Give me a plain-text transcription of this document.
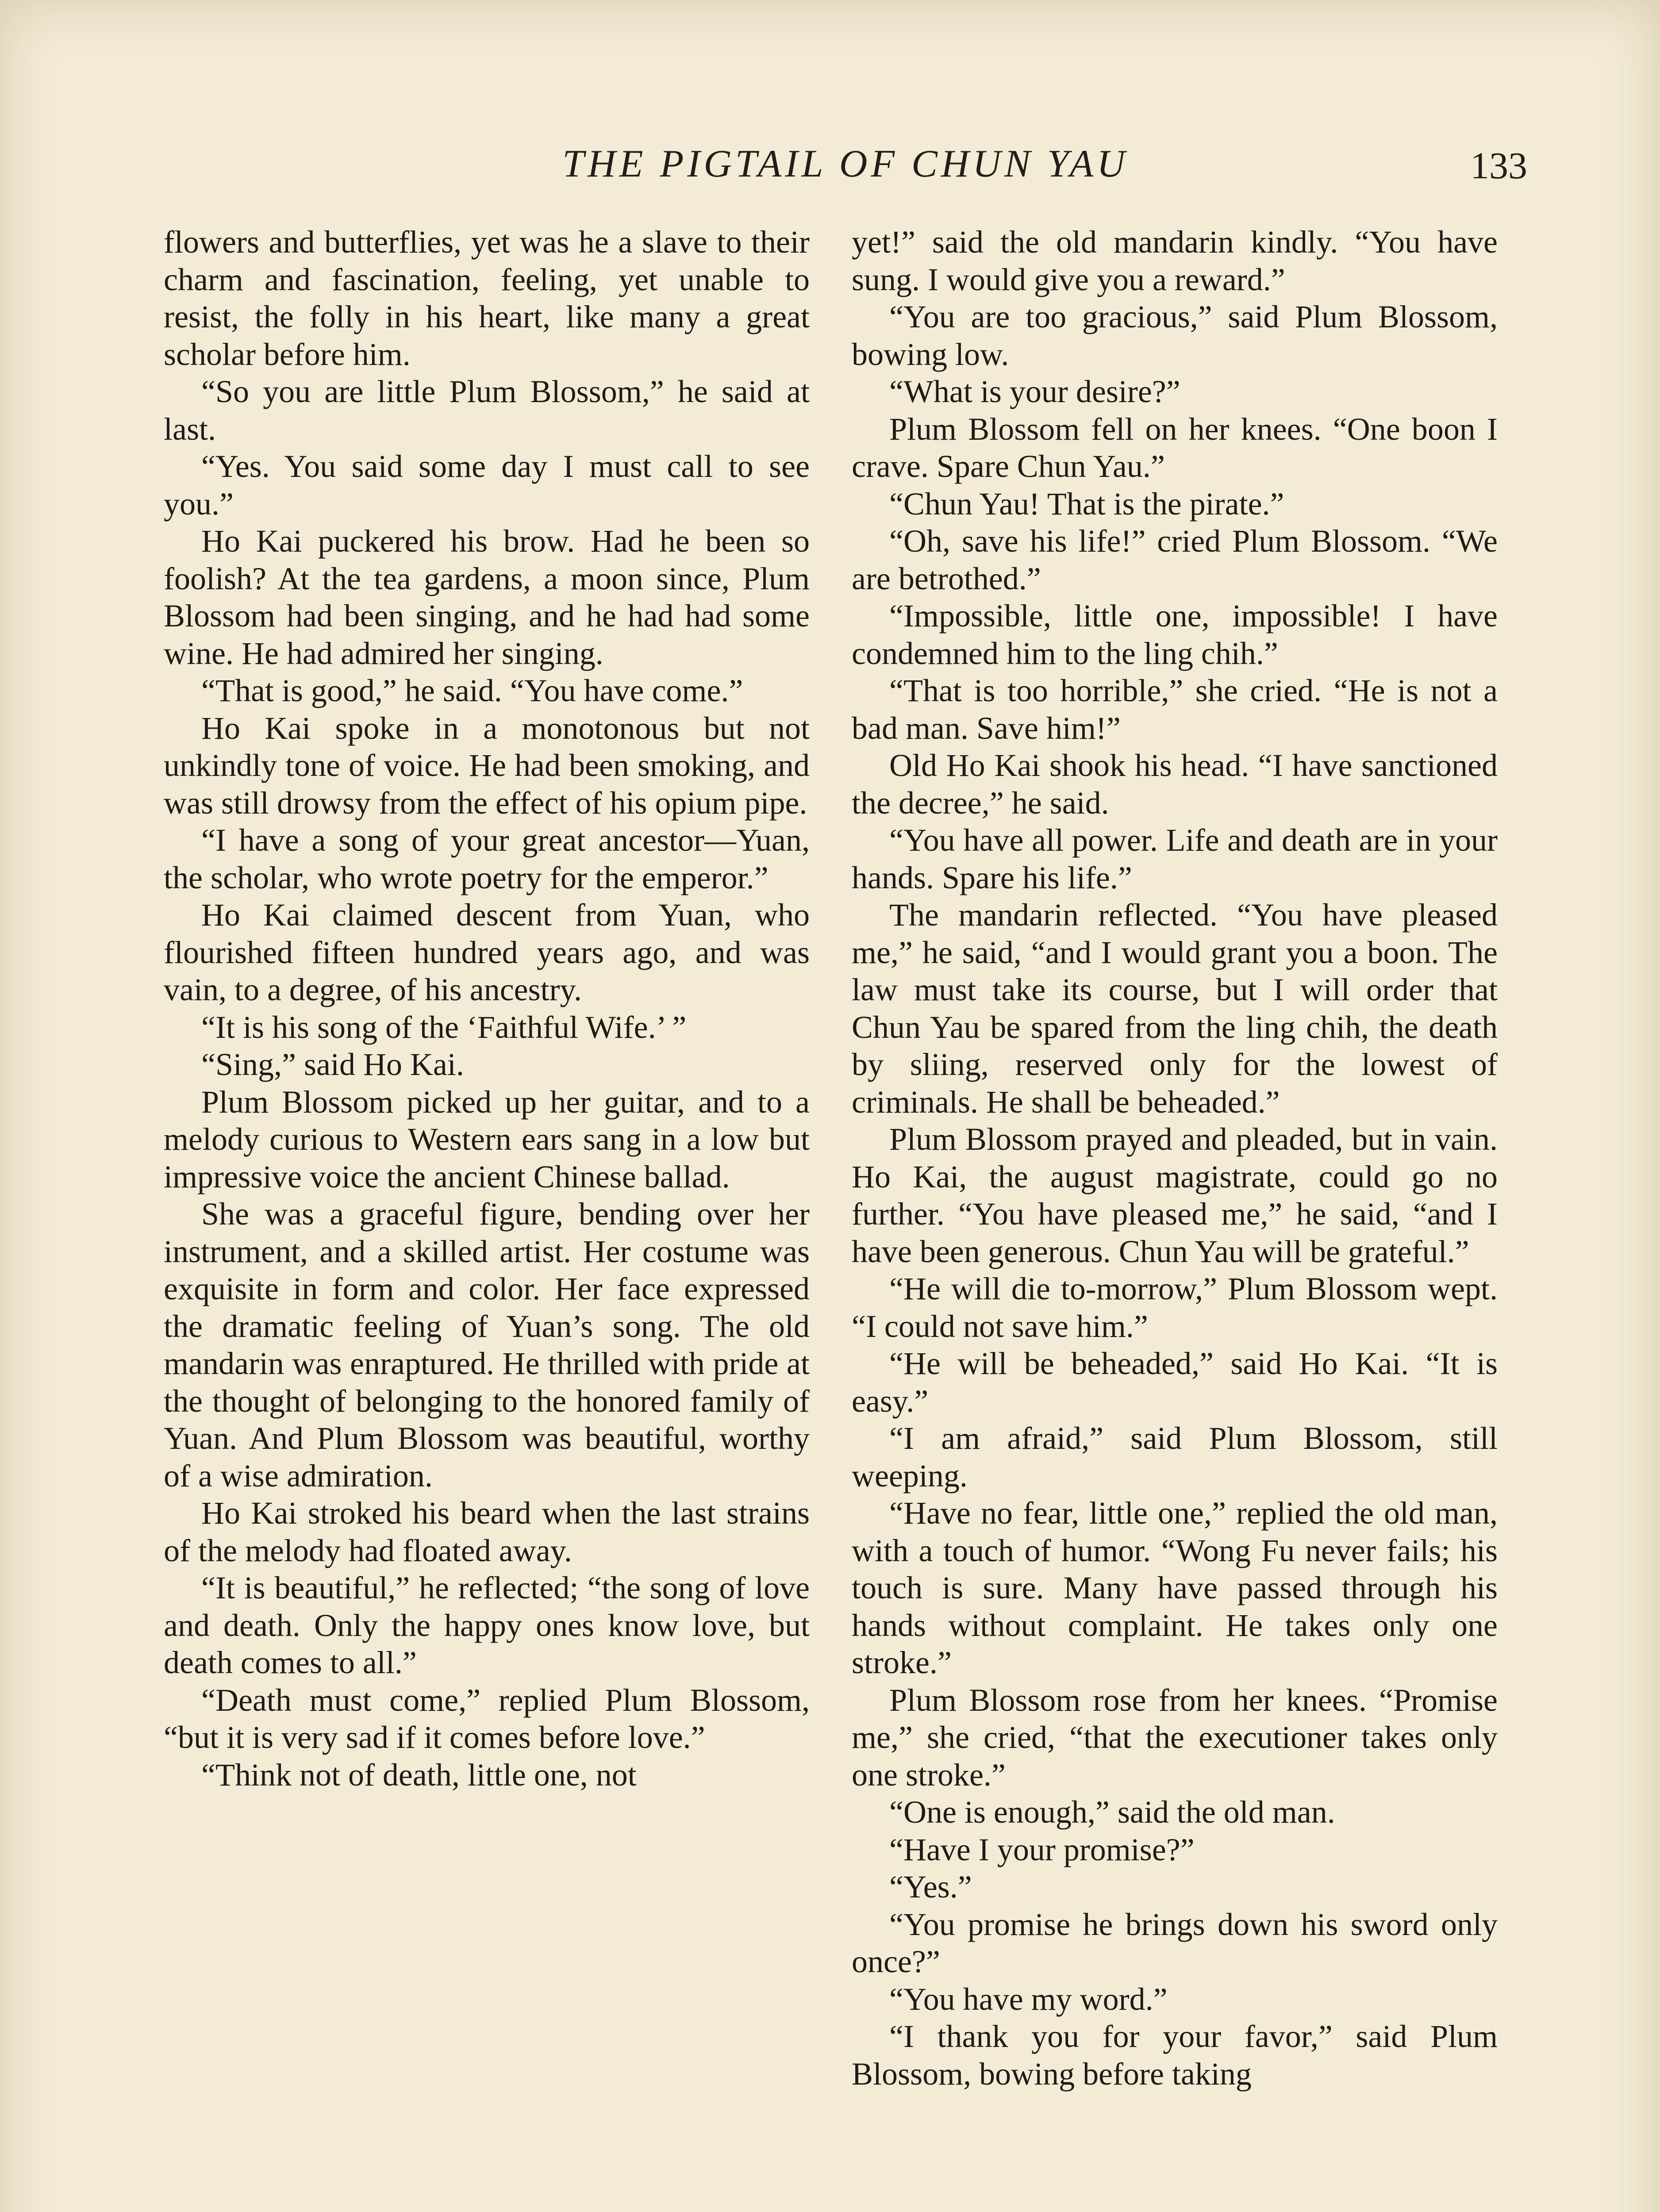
THE PIGTAIL OF CHUN YAU	133

flowers and butterflies, yet was he a slave to their charm and fascination, feeling, yet unable to resist, the folly in his heart, like many a great scholar before him.

“So you are little Plum Blossom,” he said at last.

“Yes. You said some day I must call to see you.”

Ho Kai puckered his brow. Had he been so foolish? At the tea gardens, a moon since, Plum Blossom had been singing, and he had had some wine. He had admired her singing.

“That is good,” he said. “You have come.”

Ho Kai spoke in a monotonous but not unkindly tone of voice. He had been smoking, and was still drowsy from the effect of his opium pipe.

“I have a song of your great ancestor—Yuan, the scholar, who wrote poetry for the emperor.”

Ho Kai claimed descent from Yuan, who flourished fifteen hundred years ago, and was vain, to a degree, of his ancestry.

“It is his song of the ‘Faithful Wife.’ ”

“Sing,” said Ho Kai.

Plum Blossom picked up her guitar, and to a melody curious to Western ears sang in a low but impressive voice the ancient Chinese ballad.

She was a graceful figure, bending over her instrument, and a skilled artist. Her costume was exquisite in form and color. Her face expressed the dramatic feeling of Yuan’s song. The old mandarin was enraptured. He thrilled with pride at the thought of belonging to the honored family of Yuan. And Plum Blossom was beautiful, worthy of a wise admiration.

Ho Kai stroked his beard when the last strains of the melody had floated away.

“It is beautiful,” he reflected; “the song of love and death. Only the happy ones know love, but death comes to all.”

“Death must come,” replied Plum Blossom, “but it is very sad if it comes before love.”

“Think not of death, little one, not

yet!” said the old mandarin kindly. “You have sung. I would give you a reward.”

“You are too gracious,” said Plum Blossom, bowing low.

“What is your desire?”

Plum Blossom fell on her knees. “One boon I crave. Spare Chun Yau.”

“Chun Yau! That is the pirate.”

“Oh, save his life!” cried Plum Blossom. “We are betrothed.”

“Impossible, little one, impossible! I have condemned him to the ling chih.”

“That is too horrible,” she cried. “He is not a bad man. Save him!”

Old Ho Kai shook his head. “I have sanctioned the decree,” he said.

“You have all power. Life and death are in your hands. Spare his life.”

The mandarin reflected. “You have pleased me,” he said, “and I would grant you a boon. The law must take its course, but I will order that Chun Yau be spared from the ling chih, the death by sliing, reserved only for the lowest of criminals. He shall be beheaded.”

Plum Blossom prayed and pleaded, but in vain. Ho Kai, the august magistrate, could go no further. “You have pleased me,” he said, “and I have been generous. Chun Yau will be grateful.”

“He will die to-morrow,” Plum Blossom wept. “I could not save him.”

“He will be beheaded,” said Ho Kai. “It is easy.”

“I am afraid,” said Plum Blossom, still weeping.

“Have no fear, little one,” replied the old man, with a touch of humor. “Wong Fu never fails; his touch is sure. Many have passed through his hands without complaint. He takes only one stroke.”

Plum Blossom rose from her knees. “Promise me,” she cried, “that the executioner takes only one stroke.”

“One is enough,” said the old man.

“Have I your promise?”

“Yes.”

“You promise he brings down his sword only once?”

“You have my word.”

“I thank you for your favor,” said Plum Blossom, bowing before taking
